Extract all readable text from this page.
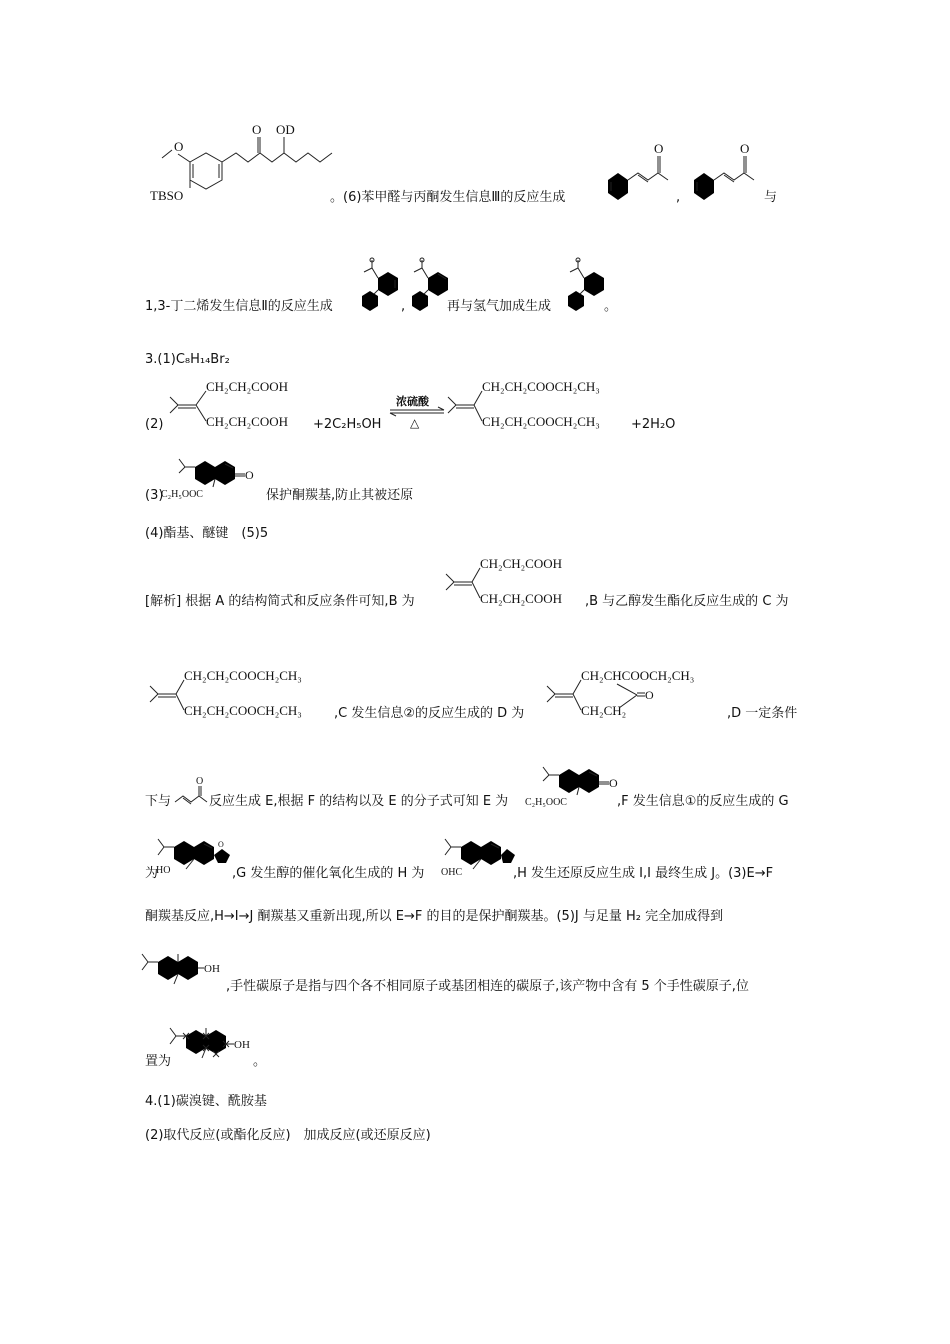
O
TBSO
O OD
。(6)苯甲醛与丙酮发生信息Ⅲ的反应生成
O
,
O
与
1,3-丁二烯发生信息Ⅱ的反应生成	,	再与氢气加成生成	。
3.(1)C₈H₁₄Br₂
(2)
CH₂CH₂COOH
CH₂CH₂COOH +2C₂H₅OH
浓硫酸
△
CH₂CH₂COOCH₂CH₃
CH₂CH₂COOCH₂CH₃ +2H₂O
(3)
O
C₂H₅OOC	保护酮羰基,防止其被还原
(4)酯基、醚键　(5)5
[解析] 根据 A 的结构简式和反应条件可知,B 为
CH₂CH₂COOH
CH₂CH₂COOH ,B 与乙醇发生酯化反应生成的 C 为
CH₂CH₂COOCH₂CH₃
CH₂CH₂COOCH₂CH₃ ,C 发生信息②的反应生成的 D 为
CH₂CHCOOCH₂CH₃
CH₂CH₂
O
,D 一定条件
下与
O
反应生成 E,根据 F 的结构以及 E 的分子式可知 E 为
O
C₂H₅OOC	,F 发生信息①的反应生成的 G
为
O
HO	,G 发生醇的催化氧化生成的 H 为 OHC	,H 发生还原反应生成 I,I 最终生成 J。(3)E→F
酮羰基反应,H→I→J 酮羰基又重新出现,所以 E→F 的目的是保护酮羰基。(5)J 与足量 H₂ 完全加成得到
OH
,手性碳原子是指与四个各不相同原子或基团相连的碳原子,该产物中含有 5 个手性碳原子,位
置为
OH
。
4.(1)碳溴键、酰胺基
(2)取代反应(或酯化反应)　加成反应(或还原反应)
